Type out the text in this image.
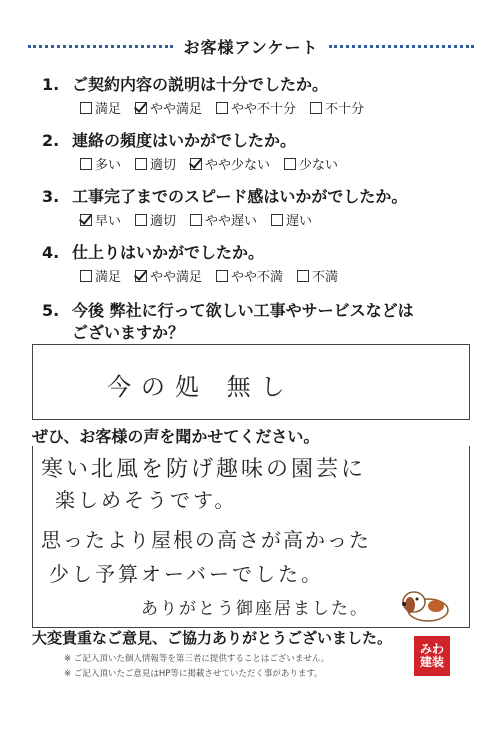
お客様アンケート
1. ご契約内容の説明は十分でしたか。
満足 やや満足 やや不十分 不十分
2. 連絡の頻度はいかがでしたか。
多い 適切 やや少ない 少ない
3. 工事完了までのスピード感はいかがでしたか。
早い 適切 やや遅い 遅い
4. 仕上りはいかがでしたか。
満足 やや満足 やや不満 不満
5. 今後 弊社に行って欲しい工事やサービスなどは
ございますか？
今の処 無し
ぜひ、お客様の声を聞かせてください。
寒い北風を防げ趣味の園芸に
楽しめそうです。
思ったより屋根の高さが高かった
少し予算オーバーでした。
ありがとう御座居ました。
大変貴重なご意見、ご協力ありがとうございました。
※ ご記入頂いた個人情報等を第三者に提供することはございません。
※ ご記入頂いたご意見はHP等に掲載させていただく事があります。
みわ
建装
